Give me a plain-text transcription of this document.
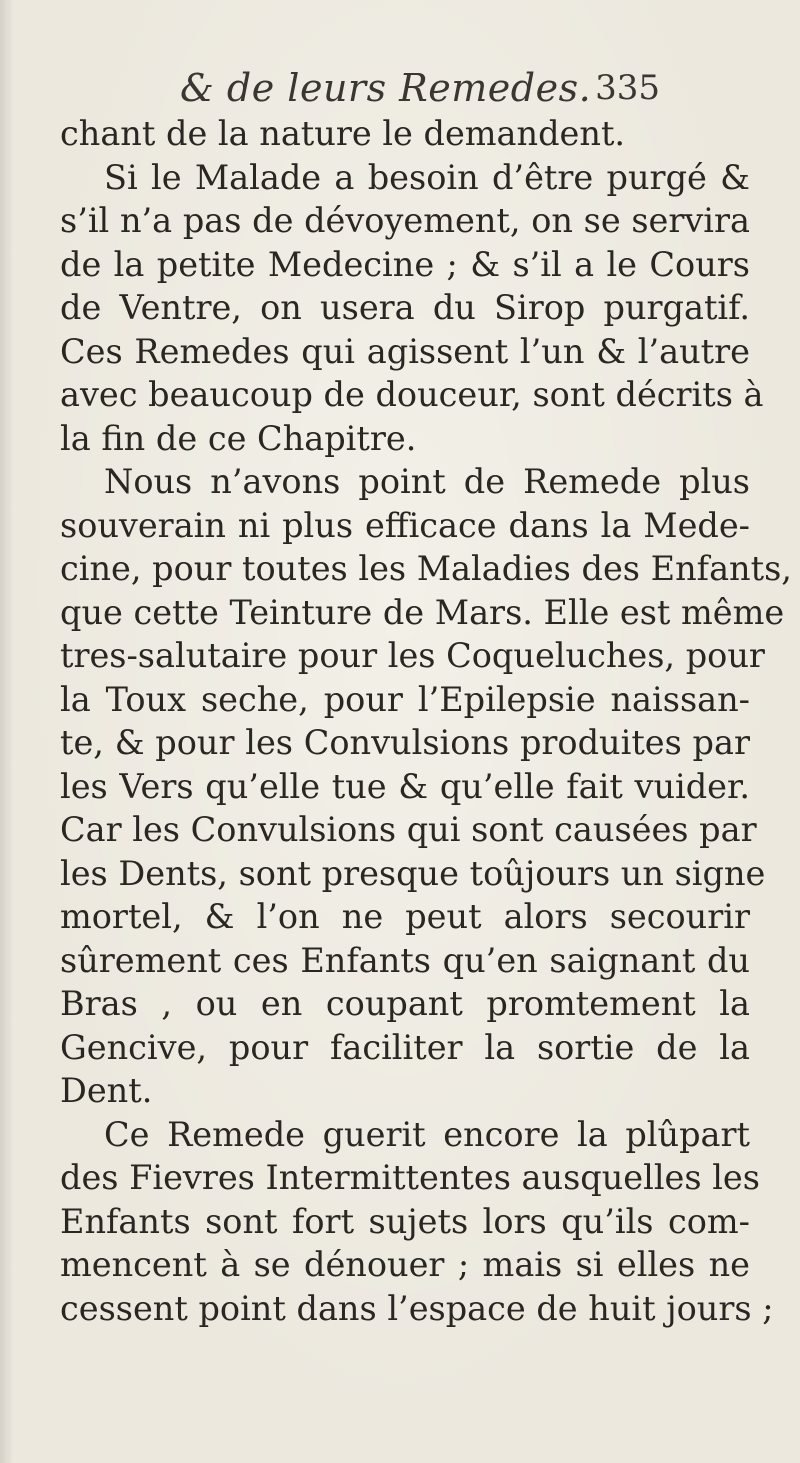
& de leurs Remedes. 335
chant de la nature le demandent.
Si le Malade a besoin d’être purgé &
s’il n’a pas de dévoyement, on se servira
de la petite Medecine ; & s’il a le Cours
de Ventre, on usera du Sirop purgatif.
Ces Remedes qui agissent l’un & l’autre
avec beaucoup de douceur, sont décrits à
la fin de ce Chapitre.
Nous n’avons point de Remede plus
souverain ni plus efficace dans la Mede-
cine, pour toutes les Maladies des Enfants,
que cette Teinture de Mars. Elle est même
tres-salutaire pour les Coqueluches, pour
la Toux seche, pour l’Epilepsie naissan-
te, & pour les Convulsions produites par
les Vers qu’elle tue & qu’elle fait vuider.
Car les Convulsions qui sont causées par
les Dents, sont presque toûjours un signe
mortel, & l’on ne peut alors secourir
sûrement ces Enfants qu’en saignant du
Bras , ou en coupant promtement la
Gencive, pour faciliter la sortie de la
Dent.
Ce Remede guerit encore la plûpart
des Fievres Intermittentes ausquelles les
Enfants sont fort sujets lors qu’ils com-
mencent à se dénouer ; mais si elles ne
cessent point dans l’espace de huit jours ;
